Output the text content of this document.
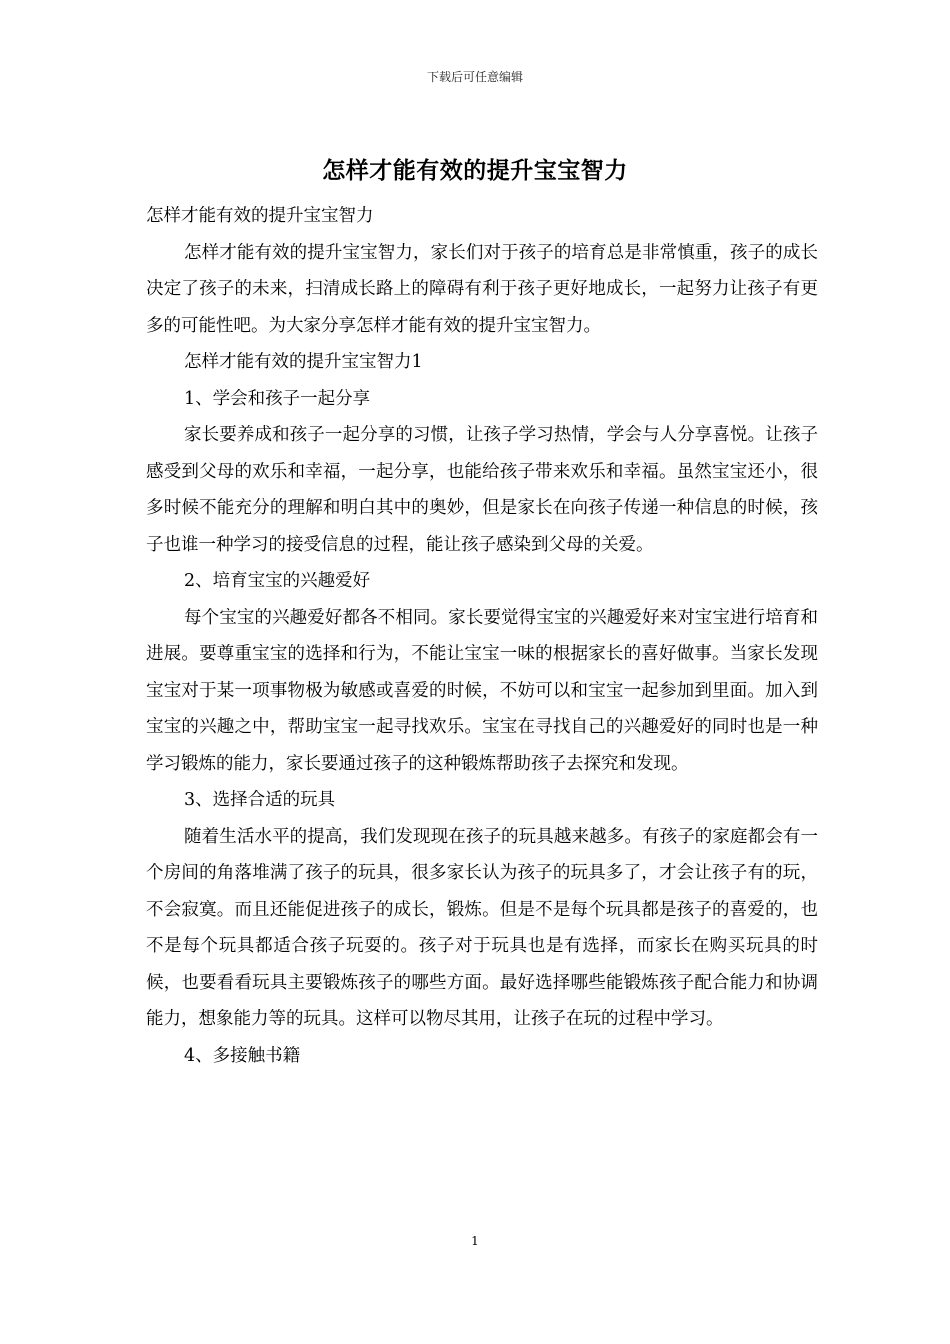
下载后可任意编辑
怎样才能有效的提升宝宝智力

怎样才能有效的提升宝宝智力

怎样才能有效的提升宝宝智力，家长们对于孩子的培育总是非常慎重，孩子的成长决定了孩子的未来，扫清成长路上的障碍有利于孩子更好地成长，一起努力让孩子有更多的可能性吧。为大家分享怎样才能有效的提升宝宝智力。

怎样才能有效的提升宝宝智力1

1、学会和孩子一起分享

家长要养成和孩子一起分享的习惯，让孩子学习热情，学会与人分享喜悦。让孩子感受到父母的欢乐和幸福，一起分享，也能给孩子带来欢乐和幸福。虽然宝宝还小，很多时候不能充分的理解和明白其中的奥妙，但是家长在向孩子传递一种信息的时候，孩子也谁一种学习的接受信息的过程，能让孩子感染到父母的关爱。

2、培育宝宝的兴趣爱好

每个宝宝的兴趣爱好都各不相同。家长要觉得宝宝的兴趣爱好来对宝宝进行培育和进展。要尊重宝宝的选择和行为，不能让宝宝一味的根据家长的喜好做事。当家长发现宝宝对于某一项事物极为敏感或喜爱的时候，不妨可以和宝宝一起参加到里面。加入到宝宝的兴趣之中，帮助宝宝一起寻找欢乐。宝宝在寻找自己的兴趣爱好的同时也是一种学习锻炼的能力，家长要通过孩子的这种锻炼帮助孩子去探究和发现。

3、选择合适的玩具

随着生活水平的提高，我们发现现在孩子的玩具越来越多。有孩子的家庭都会有一个房间的角落堆满了孩子的玩具，很多家长认为孩子的玩具多了，才会让孩子有的玩，不会寂寞。而且还能促进孩子的成长，锻炼。但是不是每个玩具都是孩子的喜爱的，也不是每个玩具都适合孩子玩耍的。孩子对于玩具也是有选择，而家长在购买玩具的时候，也要看看玩具主要锻炼孩子的哪些方面。最好选择哪些能锻炼孩子配合能力和协调能力，想象能力等的玩具。这样可以物尽其用，让孩子在玩的过程中学习。

4、多接触书籍

1
